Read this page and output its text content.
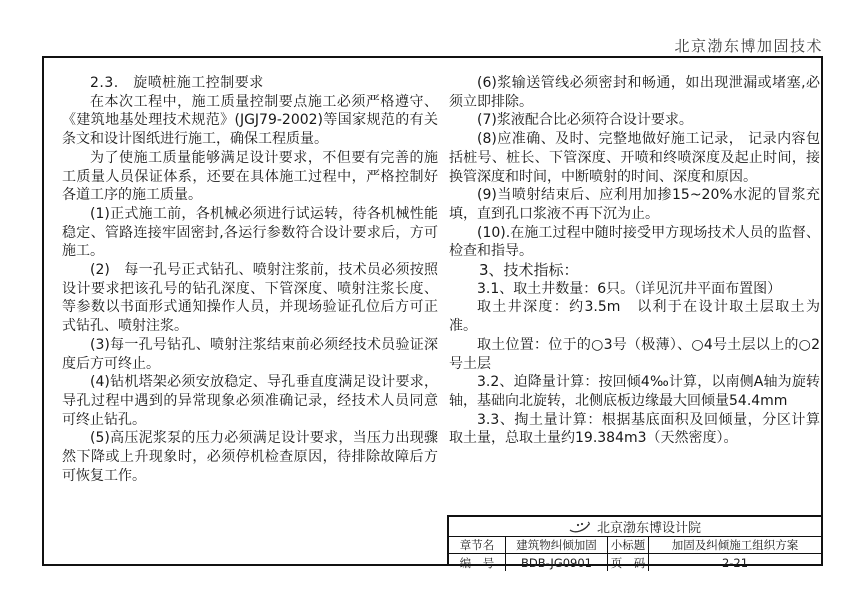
北京渤东博加固技术

2.3.　旋喷桩施工控制要求

在本次工程中，施工质量控制要点施工必须严格遵守、《建筑地基处理技术规范》(JGJ79-2002)等国家规范的有关条文和设计图纸进行施工，确保工程质量。

为了使施工质量能够满足设计要求，不但要有完善的施工质量人员保证体系，还要在具体施工过程中，严格控制好各道工序的施工质量。

(1)正式施工前，各机械必须进行试运转，待各机械性能稳定、管路连接牢固密封,各运行参数符合设计要求后，方可施工。

(2)　每一孔号正式钻孔、喷射注浆前，技术员必须按照设计要求把该孔号的钻孔深度、下管深度、喷射注浆长度、等参数以书面形式通知操作人员，并现场验证孔位后方可正式钻孔、喷射注浆。

(3)每一孔号钻孔、喷射注浆结束前必须经技术员验证深度后方可终止。

(4)钻机塔架必须安放稳定、导孔垂直度满足设计要求，导孔过程中遇到的异常现象必须准确记录，经技术人员同意可终止钻孔。

(5)高压泥浆泵的压力必须满足设计要求，当压力出现骤然下降或上升现象时，必须停机检查原因，待排除故障后方可恢复工作。

(6)浆输送管线必须密封和畅通，如出现泄漏或堵塞,必须立即排除。

(7)浆液配合比必须符合设计要求。

(8)应准确、及时、完整地做好施工记录， 记录内容包括桩号、桩长、下管深度、开喷和终喷深度及起止时间，接换管深度和时间，中断喷射的时间、深度和原因。

(9)当喷射结束后、应利用加掺15~20%水泥的冒浆充填，直到孔口浆液不再下沉为止。

(10).在施工过程中随时接受甲方现场技术人员的监督、检查和指导。

3、技术指标：

3.1、取土井数量：6只。（详见沉井平面布置图）

取土井深度：约3.5m　以利于在设计取土层取土为准。

取土位置：位于的○3号（极薄）、○4号土层以上的○2号土层

3.2、迫降量计算：按回倾4‰计算，以南侧A轴为旋转轴，基础向北旋转，北侧底板边缘最大回倾量54.4mm

3.3、掏土量计算：根据基底面积及回倾量，分区计算取土量，总取土量约19.384m3（天然密度）。

北京渤东博设计院
章节名	建筑物纠倾加固	小标题	加固及纠倾施工组织方案
编　号	BDB-JG0901	页　码	2-21
